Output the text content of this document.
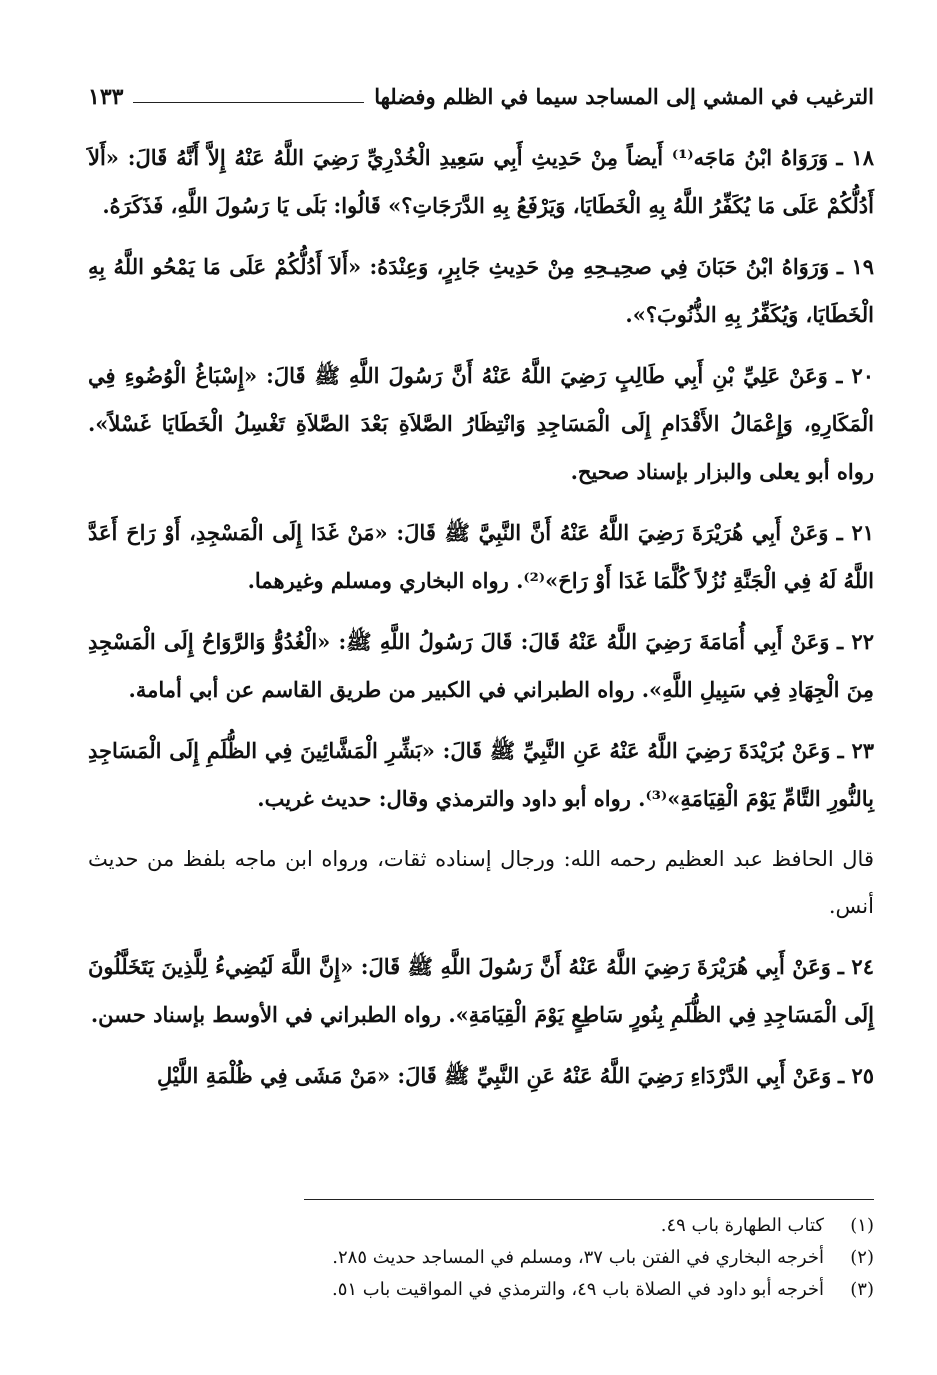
الترغيب في المشي إلى المساجد سيما في الظلم وفضلها
١٣٣

١٨ ـ وَرَوَاهُ ابْنُ مَاجَه⁽¹⁾ أَيضاً مِنْ حَدِيثِ أَبِي سَعِيدِ الْخُدْرِيِّ رَضِيَ اللَّهُ عَنْهُ إِلاَّ أَنَّهُ قَالَ: «أَلاَ أَدُلُّكُمْ عَلَى مَا يُكَفِّرُ اللَّهُ بِهِ الْخَطَايَا، وَيَرْفَعُ بِهِ الدَّرَجَاتِ؟» قَالُوا: بَلَى يَا رَسُولَ اللَّهِ، فَذَكَرَهُ.

١٩ ـ وَرَوَاهُ ابْنُ حَبَانَ فِي صحِيـحِهِ مِنْ حَدِيثِ جَابِرٍ، وَعِنْدَهُ: «أَلاَ أَدُلُّكُمْ عَلَى مَا يَمْحُو اللَّهُ بِهِ الْخَطَايَا، وَيُكَفِّرُ بِهِ الذُّنُوبَ؟».

٢٠ ـ وَعَنْ عَلِيِّ بْنِ أَبِي طَالِبٍ رَضِيَ اللَّهُ عَنْهُ أَنَّ رَسُولَ اللَّهِ ﷺ قَالَ: «إِسْبَاغُ الْوُضُوءِ فِي الْمَكَارِهِ، وَإِعْمَالُ الأَقْدَامِ إِلَى الْمَسَاجِدِ وَانْتِظَارُ الصَّلاَةِ بَعْدَ الصَّلاَةِ تَغْسِلُ الْخَطَايَا غَسْلاً». رواه أبو يعلى والبزار بإسناد صحيح.

٢١ ـ وَعَنْ أَبِي هُرَيْرَةَ رَضِيَ اللَّهُ عَنْهُ أَنَّ النَّبِيَّ ﷺ قَالَ: «مَنْ غَدَا إِلَى الْمَسْجِدِ، أَوْ رَاحَ أَعَدَّ اللَّهُ لَهُ فِي الْجَنَّةِ نُزُلاً كُلَّمَا غَدَا أَوْ رَاحَ»⁽²⁾. رواه البخاري ومسلم وغيرهما.

٢٢ ـ وَعَنْ أَبِي أُمَامَةَ رَضِيَ اللَّهُ عَنْهُ قَالَ: قَالَ رَسُولُ اللَّهِ ﷺ: «الْغُدُوُّ وَالرَّوَاحُ إِلَى الْمَسْجِدِ مِنَ الْجِهَادِ فِي سَبِيلِ اللَّهِ». رواه الطبراني في الكبير من طريق القاسم عن أبي أمامة.

٢٣ ـ وَعَنْ بُرَيْدَةَ رَضِيَ اللَّهُ عَنْهُ عَنِ النَّبِيِّ ﷺ قَالَ: «بَشِّرِ الْمَشَّائِينَ فِي الظُّلَمِ إِلَى الْمَسَاجِدِ بِالنُّورِ التَّامِّ يَوْمَ الْقِيَامَةِ»⁽³⁾. رواه أبو داود والترمذي وقال: حديث غريب.

قال الحافظ عبد العظيم رحمه الله: ورجال إسناده ثقات، ورواه ابن ماجه بلفظ من حديث أنس.

٢٤ ـ وَعَنْ أَبِي هُرَيْرَةَ رَضِيَ اللَّهُ عَنْهُ أَنَّ رَسُولَ اللَّهِ ﷺ قَالَ: «إِنَّ اللَّهَ لَيُضِيءُ لِلَّذِينَ يَتَخَلَّلُونَ إِلَى الْمَسَاجِدِ فِي الظُّلَمِ بِنُورٍ سَاطِعٍ يَوْمَ الْقِيَامَةِ». رواه الطبراني في الأوسط بإسناد حسن.

٢٥ ـ وَعَنْ أَبِي الدَّرْدَاءِ رَضِيَ اللَّهُ عَنْهُ عَنِ النَّبِيِّ ﷺ قَالَ: «مَنْ مَشَى فِي ظُلْمَةِ اللَّيْلِ

(١)
كتاب الطهارة باب ٤٩.
(٢)
أخرجه البخاري في الفتن باب ٣٧، ومسلم في المساجد حديث ٢٨٥.
(٣)
أخرجه أبو داود في الصلاة باب ٤٩، والترمذي في المواقيت باب ٥١.
